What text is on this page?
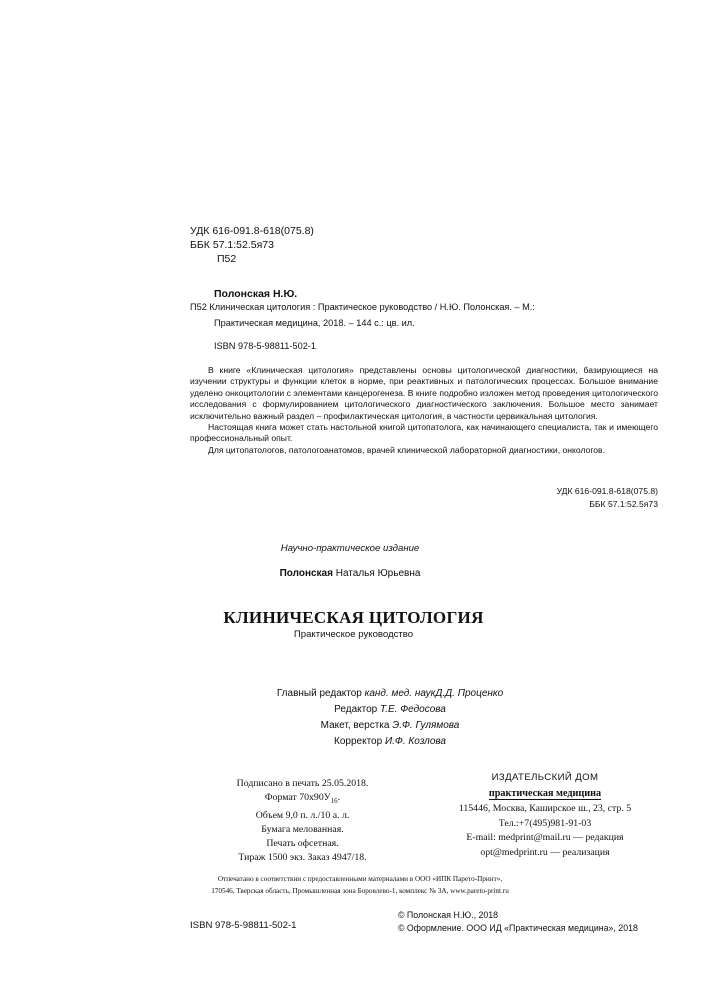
УДК 616-091.8-618(075.8)
ББК 57.1:52.5я73
П52
Полонская Н.Ю.
П52 Клиническая цитология : Практическое руководство / Н.Ю. Полонская. – М.:
Практическая медицина, 2018. – 144 с.: цв. ил.
ISBN 978-5-98811-502-1

В книге «Клиническая цитология» представлены основы цитологической диагностики, базирующиеся на изучении структуры и функции клеток в норме, при реактивных и патологических процессах. Большое внимание уделено онкоцитологии с элементами канцерогенеза. В книге подробно изложен метод проведения цитологического исследования с формулированием цитологического диагностического заключения. Большое место занимает исключительно важный раздел – профилактическая цитология, в частности цервикальная цитология.

Настоящая книга может стать настольной книгой цитопатолога, как начинающего специалиста, так и имеющего профессиональный опыт.

Для цитопатологов, патологоанатомов, врачей клинической лабораторной диагностики, онкологов.

УДК 616-091.8-618(075.8)
ББК 57.1:52.5я73
Научно-практическое издание
Полонская Наталья Юрьевна
КЛИНИЧЕСКАЯ ЦИТОЛОГИЯ
Практическое руководство
Главный редактор канд. мед. наукД.Д. Проценко
Редактор Т.Е. Федосова
Макет, верстка Э.Ф. Гулямова
Корректор И.Ф. Козлова
Подписано в печать 25.05.2018.
Формат $70x90У_{16}$.
Объем 9,0 п. л./10 а. л.
Бумага мелованная.
Печать офсетная.
Тираж 1500 экз. Заказ 4947/18.
ИЗДАТЕЛЬСКИЙ ДОМ
практическая медицина
115446, Москва, Каширское ш., 23, стр. 5
Тел.:+7(495)981-91-03
E-mail: medprint@mail.ru — редакция
opt@medprint.ru — реализация
Отпечатано в соответствии с предоставленными материалами в ООО «ИПК Парето-Принт»,
170546, Тверская область, Промышленная зона Боровлево-1, комплекс № 3А, www.pareto-print.ru
ISBN 978-5-98811-502-1
© Полонская Н.Ю., 2018
© Оформление. ООО ИД «Практическая медицина», 2018
